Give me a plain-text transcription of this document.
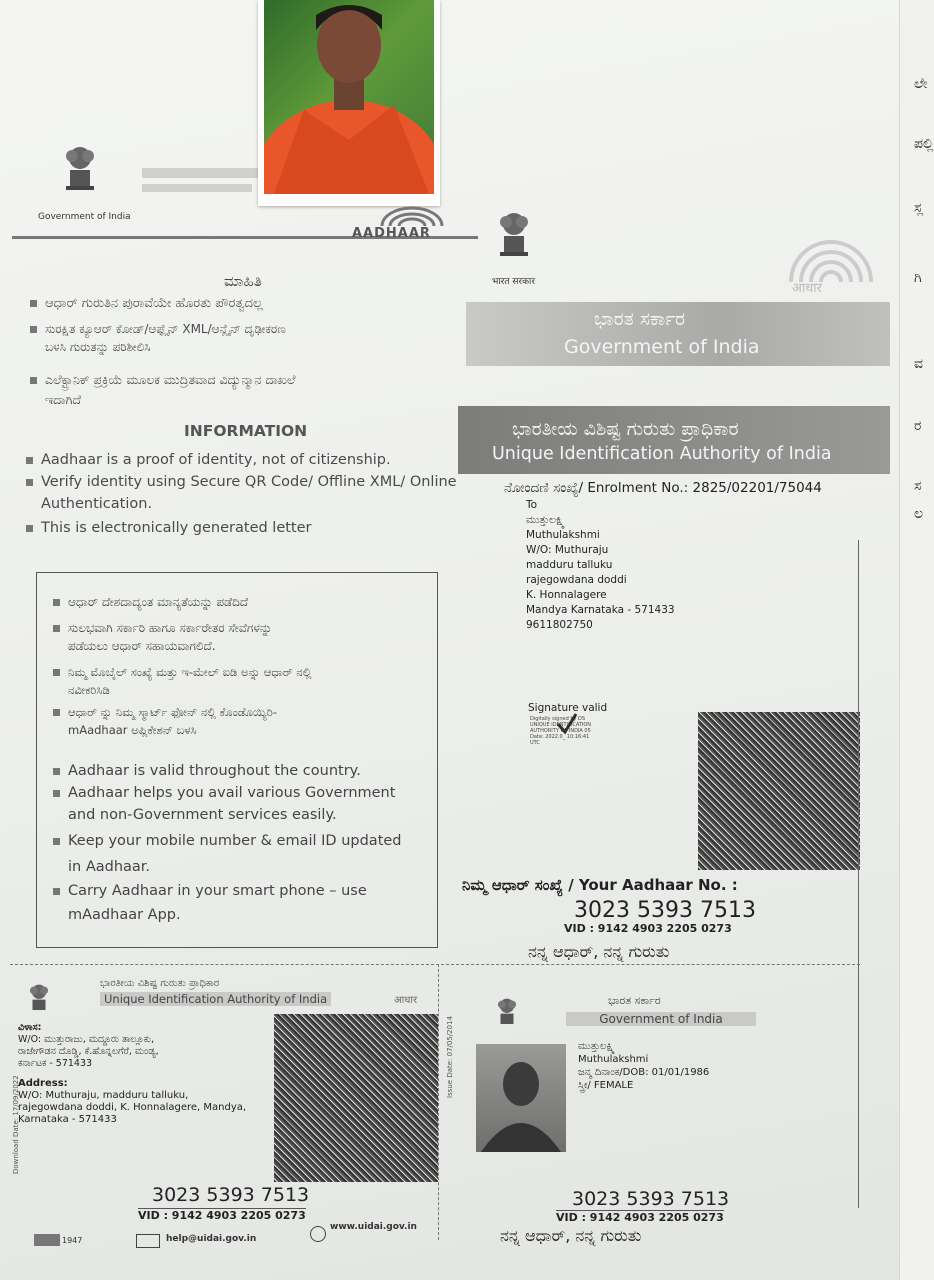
ಲೇ
ಪಲ್ಲಿ
ಸ್ಲ
ಗಿ
ವ
ರ
ಸ
ಲ
Government of India
AADHAAR
भारत सरकार	आधार
ಭಾರತ ಸರ್ಕಾರ
Government of India
ಭಾರತೀಯ ವಿಶಿಷ್ಟ ಗುರುತು ಪ್ರಾಧಿಕಾರ
Unique Identification Authority of India
ನೋಂದಣಿ ಸಂಖ್ಯೆ/ Enrolment No.: 2825/02201/75044
ಮಾಹಿತಿ
ಆಧಾರ್ ಗುರುತಿನ ಪುರಾವೆಯೇ ಹೊರತು ಪೌರತ್ವದಲ್ಲ
ಸುರಕ್ಷಿತ ಕ್ಯೂಆರ್ ಕೋಡ್/ಆಫ್ಲೈನ್ XML/ಆನ್ಲೈನ್ ದೃಢೀಕರಣ
ಬಳಸಿ ಗುರುತನ್ನು ಪರಿಶೀಲಿಸಿ
ಎಲೆಕ್ಟ್ರಾನಿಕ್ ಪ್ರಕ್ರಿಯೆ ಮೂಲಕ ಮುದ್ರಿತವಾದ ವಿದ್ಯುನ್ಮಾನ ದಾಖಲೆ
ಇದಾಗಿದೆ
INFORMATION
Aadhaar is a proof of identity, not of citizenship.
Verify identity using Secure QR Code/ Offline XML/ Online
Authentication.
This is electronically generated letter
ಆಧಾರ್ ದೇಶದಾದ್ಯಂತ ಮಾನ್ಯತೆಯನ್ನು ಪಡೆದಿದೆ
ಸುಲಭವಾಗಿ ಸರ್ಕಾರಿ ಹಾಗೂ ಸರ್ಕಾರೇತರ ಸೇವೆಗಳನ್ನು
ಪಡೆಯಲು ಆಧಾರ್ ಸಹಾಯವಾಗಲಿದೆ.
ನಿಮ್ಮ ಮೊಬೈಲ್ ಸಂಖ್ಯೆ ಮತ್ತು ಇ-ಮೇಲ್ ಐಡಿ ಅನ್ನು ಆಧಾರ್ ನಲ್ಲಿ
ನವೀಕರಿಸಿಡಿ
ಆಧಾರ್ ನ್ನು ನಿಮ್ಮ ಸ್ಮಾರ್ಟ್ ಫೋನ್ ನಲ್ಲಿ ಕೊಂಡೊಯ್ಯಿರಿ-
mAadhaar ಅಪ್ಲಿಕೇಶನ್ ಬಳಸಿ
Aadhaar is valid throughout the country.
Aadhaar helps you avail various Government
and non-Government services easily.
Keep your mobile number & email ID updated
in Aadhaar.
Carry Aadhaar in your smart phone – use
mAadhaar App.
To
ಮುತ್ತುಲಕ್ಷ್ಮಿ
Muthulakshmi
W/O: Muthuraju
madduru talluku
rajegowdana doddi
K. Honnalagere
Mandya Karnataka - 571433
9611802750
Signature valid
Digitally signed by DS
UNIQUE IDENTIFICATION
AUTHORITY OF INDIA 05
Date: 2022.0_ 10:16:41
UTC
ನಿಮ್ಮ ಆಧಾರ್ ಸಂಖ್ಯೆ / Your Aadhaar No. :
3023 5393 7513
VID : 9142 4903 2205 0273
ನನ್ನ ಆಧಾರ್, ನನ್ನ ಗುರುತು
ಭಾರತೀಯ ವಿಶಿಷ್ಟ ಗುರುತು ಪ್ರಾಧಿಕಾರ
Unique Identification Authority of India	आधार
ವಿಳಾಸ:
W/O: ಮುತ್ತುರಾಜು, ಮದ್ದೂರು ತಾಲ್ಲೂಕು,
ರಾಜೇಗೌಡನ ದೊಡ್ಡಿ, ಕೆ.ಹೊನ್ನಲಗೆರೆ, ಮಂಡ್ಯ,
ಕರ್ನಾಟಕ - 571433
Address:
W/O: Muthuraju, madduru talluku,
rajegowdana doddi, K. Honnalagere, Mandya,
Karnataka - 571433
Download Date: 17/09/2022
3023 5393 7513
VID : 9142 4903 2205 0273
1947	help@uidai.gov.in
www.uidai.gov.in
ಭಾರತ ಸರ್ಕಾರ
Government of India
Issue Date: 07/05/2014	ಮುತ್ತುಲಕ್ಷ್ಮಿ
Muthulakshmi
ಜನ್ಮ ದಿನಾಂಕ/DOB: 01/01/1986
ಸ್ತ್ರೀ/ FEMALE
3023 5393 7513
VID : 9142 4903 2205 0273
ನನ್ನ ಆಧಾರ್, ನನ್ನ ಗುರುತು
